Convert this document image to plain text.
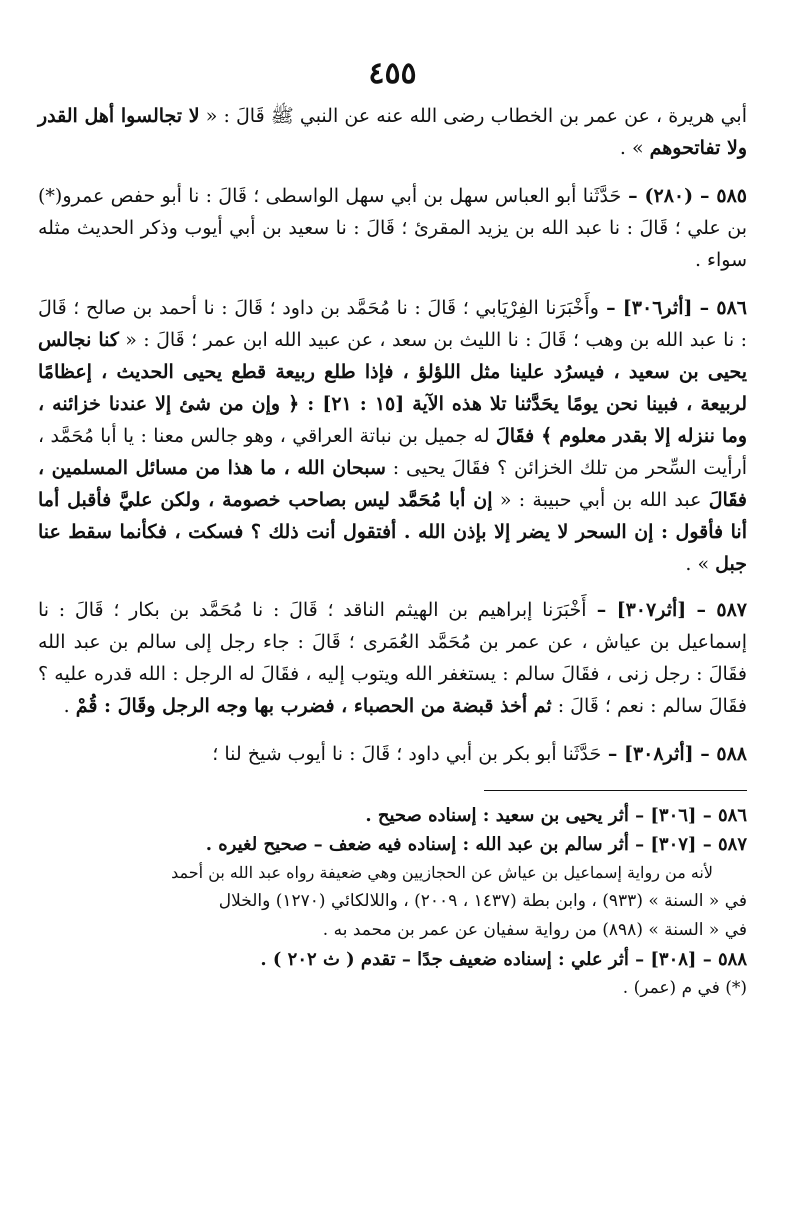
٤٥٥

أبي هريرة ، عن عمر بن الخطاب رضى الله عنه عن النبي ﷺ قَالَ : « لا تجالسوا أهل القدر ولا تفاتحوهم » .

٥٨٥ – (٢٨٠) – حَدَّثَنا أبو العباس سهل بن أبي سهل الواسطى ؛ قَالَ : نا أبو حفص عمرو(*) بن علي ؛ قَالَ : نا عبد الله بن يزيد المقرئ ؛ قَالَ : نا سعيد بن أبي أيوب وذكر الحديث مثله سواء .

٥٨٦ – [أثر٣٠٦] – وأَخْبَرَنا الفِرْيَابي ؛ قَالَ : نا مُحَمَّد بن داود ؛ قَالَ : نا أحمد بن صالح ؛ قَالَ : نا عبد الله بن وهب ؛ قَالَ : نا الليث بن سعد ، عن عبيد الله ابن عمر ؛ قَالَ : « كنا نجالس يحيى بن سعيد ، فيسرُد علينا مثل اللؤلؤ ، فإذا طلع ربيعة قطع يحيى الحديث ، إعظامًا لربيعة ، فبينا نحن يومًا يحَدَّثنا تلا هذه الآية [١٥ : ٢١] : ﴿ وإن من شئ إلا عندنا خزائنه ، وما ننزله إلا بقدر معلوم ﴾ فقَالَ له جميل بن نباتة العراقي ، وهو جالس معنا : يا أبا مُحَمَّد ، أرأيت السِّحر من تلك الخزائن ؟ فقَالَ يحيى : سبحان الله ، ما هذا من مسائل المسلمين ، فقَالَ عبد الله بن أبي حبيبة : « إن أبا مُحَمَّد ليس بصاحب خصومة ، ولكن عليَّ فأقبل أما أنا فأقول : إن السحر لا يضر إلا بإذن الله . أفتقول أنت ذلك ؟ فسكت ، فكأنما سقط عنا جبل » .

٥٨٧ – [أثر٣٠٧] – أَخْبَرَنا إبراهيم بن الهيثم الناقد ؛ قَالَ : نا مُحَمَّد بن بكار ؛ قَالَ : نا إسماعيل بن عياش ، عن عمر بن مُحَمَّد العُمَرى ؛ قَالَ : جاء رجل إلى سالم بن عبد الله فقَالَ : رجل زنى ، فقَالَ سالم : يستغفر الله ويتوب إليه ، فقَالَ له الرجل : الله قدره عليه ؟ فقَالَ سالم : نعم ؛ قَالَ : ثم أخذ قبضة من الحصباء ، فضرب بها وجه الرجل وقَالَ : قُمْ .

٥٨٨ – [أثر٣٠٨] – حَدَّثَنا أبو بكر بن أبي داود ؛ قَالَ : نا أيوب شيخ لنا ؛

٥٨٦ – [٣٠٦] – أثر يحيى بن سعيد : إسناده صحيح .

٥٨٧ – [٣٠٧] – أثر سالم بن عبد الله : إسناده فيه ضعف – صحيح لغيره .

لأنه من رواية إسماعيل بن عياش عن الحجازيين وهي ضعيفة رواه عبد الله بن أحمد

في « السنة » (٩٣٣) ، وابن بطة (١٤٣٧ ، ٢٠٠٩) ، واللالكائي (١٢٧٠) والخلال

في « السنة » (٨٩٨) من رواية سفيان عن عمر بن محمد به .

٥٨٨ – [٣٠٨] – أثر علي : إسناده ضعيف جدًا – تقدم ( ث ٢٠٢ ) .

(*) في م (عمر) .
